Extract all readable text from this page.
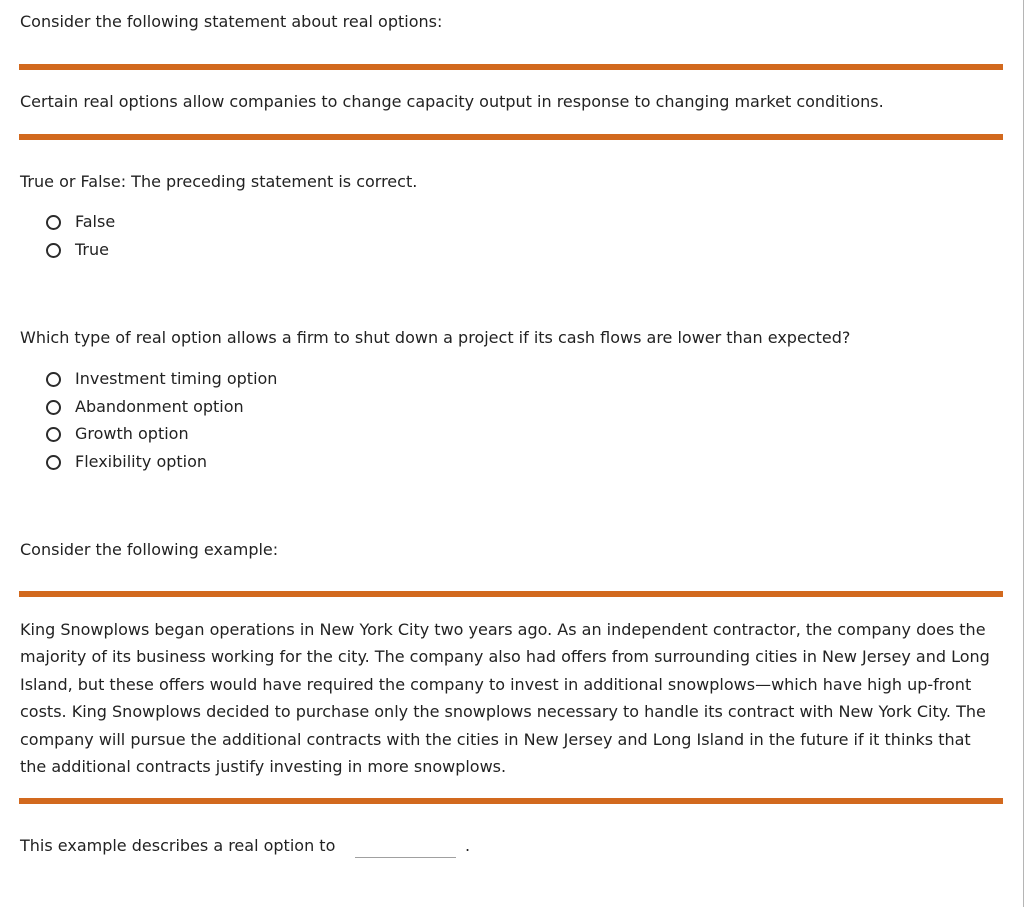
Consider the following statement about real options:
Certain real options allow companies to change capacity output in response to changing market conditions.
True or False: The preceding statement is correct.
False
True
Which type of real option allows a firm to shut down a project if its cash flows are lower than expected?
Investment timing option
Abandonment option
Growth option
Flexibility option
Consider the following example:
King Snowplows began operations in New York City two years ago. As an independent contractor, the company does the majority of its business working for the city. The company also had offers from surrounding cities in New Jersey and Long Island, but these offers would have required the company to invest in additional snowplows—which have high up-front costs. King Snowplows decided to purchase only the snowplows necessary to handle its contract with New York City. The company will pursue the additional contracts with the cities in New Jersey and Long Island in the future if it thinks that the additional contracts justify investing in more snowplows.
This example describes a real option to	.
